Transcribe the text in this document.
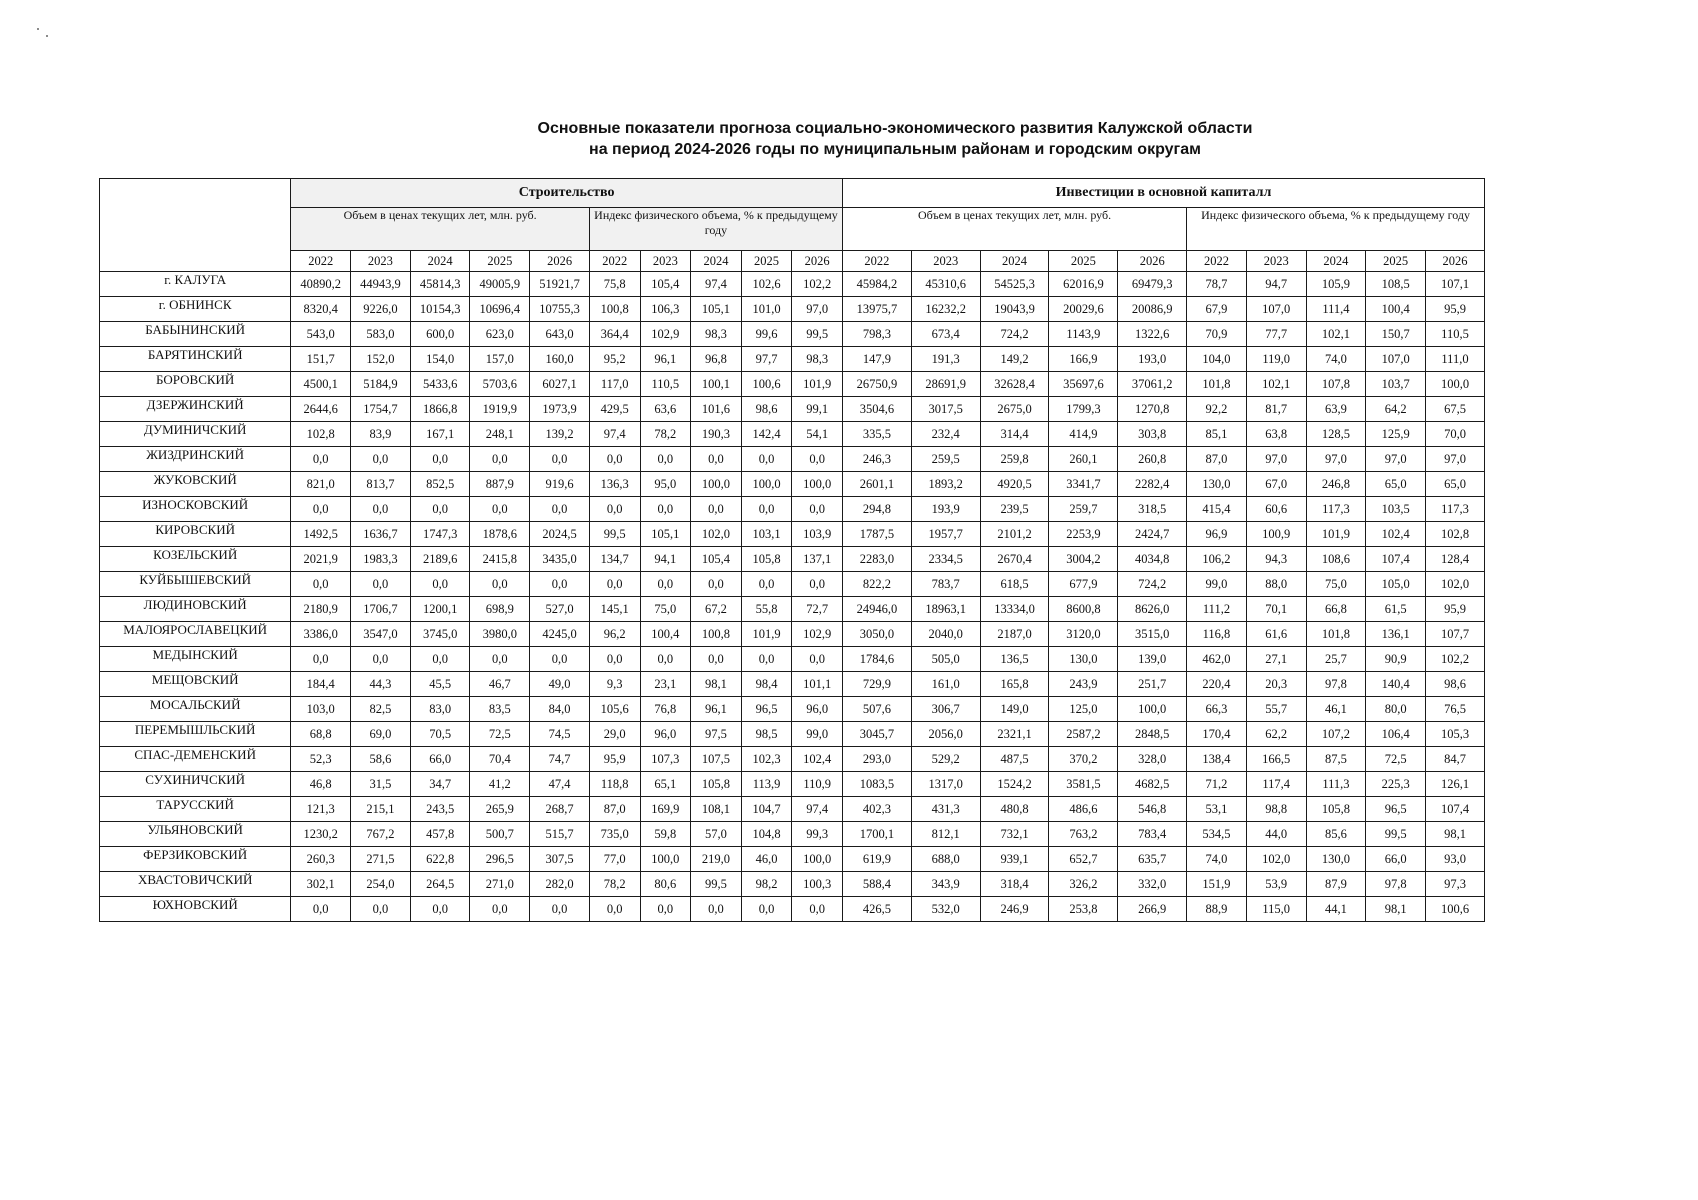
Основные показатели прогноза социально-экономического развития Калужской области
на период 2024-2026 годы по муниципальным районам и городским округам
	Строительство										Инвестиции в основной капиталл									
	Объем в ценах текущих лет, млн. руб.					Индекс физического объема, % к предыдущему году					Объем в ценах текущих лет, млн. руб.					Индекс физического объема, % к предыдущему году				
	2022	2023	2024	2025	2026	2022	2023	2024	2025	2026	2022	2023	2024	2025	2026	2022	2023	2024	2025	2026
г. КАЛУГА	40890,2	44943,9	45814,3	49005,9	51921,7	75,8	105,4	97,4	102,6	102,2	45984,2	45310,6	54525,3	62016,9	69479,3	78,7	94,7	105,9	108,5	107,1
г. ОБНИНСК	8320,4	9226,0	10154,3	10696,4	10755,3	100,8	106,3	105,1	101,0	97,0	13975,7	16232,2	19043,9	20029,6	20086,9	67,9	107,0	111,4	100,4	95,9
БАБЫНИНСКИЙ	543,0	583,0	600,0	623,0	643,0	364,4	102,9	98,3	99,6	99,5	798,3	673,4	724,2	1143,9	1322,6	70,9	77,7	102,1	150,7	110,5
БАРЯТИНСКИЙ	151,7	152,0	154,0	157,0	160,0	95,2	96,1	96,8	97,7	98,3	147,9	191,3	149,2	166,9	193,0	104,0	119,0	74,0	107,0	111,0
БОРОВСКИЙ	4500,1	5184,9	5433,6	5703,6	6027,1	117,0	110,5	100,1	100,6	101,9	26750,9	28691,9	32628,4	35697,6	37061,2	101,8	102,1	107,8	103,7	100,0
ДЗЕРЖИНСКИЙ	2644,6	1754,7	1866,8	1919,9	1973,9	429,5	63,6	101,6	98,6	99,1	3504,6	3017,5	2675,0	1799,3	1270,8	92,2	81,7	63,9	64,2	67,5
ДУМИНИЧСКИЙ	102,8	83,9	167,1	248,1	139,2	97,4	78,2	190,3	142,4	54,1	335,5	232,4	314,4	414,9	303,8	85,1	63,8	128,5	125,9	70,0
ЖИЗДРИНСКИЙ	0,0	0,0	0,0	0,0	0,0	0,0	0,0	0,0	0,0	0,0	246,3	259,5	259,8	260,1	260,8	87,0	97,0	97,0	97,0	97,0
ЖУКОВСКИЙ	821,0	813,7	852,5	887,9	919,6	136,3	95,0	100,0	100,0	100,0	2601,1	1893,2	4920,5	3341,7	2282,4	130,0	67,0	246,8	65,0	65,0
ИЗНОСКОВСКИЙ	0,0	0,0	0,0	0,0	0,0	0,0	0,0	0,0	0,0	0,0	294,8	193,9	239,5	259,7	318,5	415,4	60,6	117,3	103,5	117,3
КИРОВСКИЙ	1492,5	1636,7	1747,3	1878,6	2024,5	99,5	105,1	102,0	103,1	103,9	1787,5	1957,7	2101,2	2253,9	2424,7	96,9	100,9	101,9	102,4	102,8
КОЗЕЛЬСКИЙ	2021,9	1983,3	2189,6	2415,8	3435,0	134,7	94,1	105,4	105,8	137,1	2283,0	2334,5	2670,4	3004,2	4034,8	106,2	94,3	108,6	107,4	128,4
КУЙБЫШЕВСКИЙ	0,0	0,0	0,0	0,0	0,0	0,0	0,0	0,0	0,0	0,0	822,2	783,7	618,5	677,9	724,2	99,0	88,0	75,0	105,0	102,0
ЛЮДИНОВСКИЙ	2180,9	1706,7	1200,1	698,9	527,0	145,1	75,0	67,2	55,8	72,7	24946,0	18963,1	13334,0	8600,8	8626,0	111,2	70,1	66,8	61,5	95,9
МАЛОЯРОСЛАВЕЦКИЙ	3386,0	3547,0	3745,0	3980,0	4245,0	96,2	100,4	100,8	101,9	102,9	3050,0	2040,0	2187,0	3120,0	3515,0	116,8	61,6	101,8	136,1	107,7
МЕДЫНСКИЙ	0,0	0,0	0,0	0,0	0,0	0,0	0,0	0,0	0,0	0,0	1784,6	505,0	136,5	130,0	139,0	462,0	27,1	25,7	90,9	102,2
МЕЩОВСКИЙ	184,4	44,3	45,5	46,7	49,0	9,3	23,1	98,1	98,4	101,1	729,9	161,0	165,8	243,9	251,7	220,4	20,3	97,8	140,4	98,6
МОСАЛЬСКИЙ	103,0	82,5	83,0	83,5	84,0	105,6	76,8	96,1	96,5	96,0	507,6	306,7	149,0	125,0	100,0	66,3	55,7	46,1	80,0	76,5
ПЕРЕМЫШЛЬСКИЙ	68,8	69,0	70,5	72,5	74,5	29,0	96,0	97,5	98,5	99,0	3045,7	2056,0	2321,1	2587,2	2848,5	170,4	62,2	107,2	106,4	105,3
СПАС-ДЕМЕНСКИЙ	52,3	58,6	66,0	70,4	74,7	95,9	107,3	107,5	102,3	102,4	293,0	529,2	487,5	370,2	328,0	138,4	166,5	87,5	72,5	84,7
СУХИНИЧСКИЙ	46,8	31,5	34,7	41,2	47,4	118,8	65,1	105,8	113,9	110,9	1083,5	1317,0	1524,2	3581,5	4682,5	71,2	117,4	111,3	225,3	126,1
ТАРУССКИЙ	121,3	215,1	243,5	265,9	268,7	87,0	169,9	108,1	104,7	97,4	402,3	431,3	480,8	486,6	546,8	53,1	98,8	105,8	96,5	107,4
УЛЬЯНОВСКИЙ	1230,2	767,2	457,8	500,7	515,7	735,0	59,8	57,0	104,8	99,3	1700,1	812,1	732,1	763,2	783,4	534,5	44,0	85,6	99,5	98,1
ФЕРЗИКОВСКИЙ	260,3	271,5	622,8	296,5	307,5	77,0	100,0	219,0	46,0	100,0	619,9	688,0	939,1	652,7	635,7	74,0	102,0	130,0	66,0	93,0
ХВАСТОВИЧСКИЙ	302,1	254,0	264,5	271,0	282,0	78,2	80,6	99,5	98,2	100,3	588,4	343,9	318,4	326,2	332,0	151,9	53,9	87,9	97,8	97,3
ЮХНОВСКИЙ	0,0	0,0	0,0	0,0	0,0	0,0	0,0	0,0	0,0	0,0	426,5	532,0	246,9	253,8	266,9	88,9	115,0	44,1	98,1	100,6
